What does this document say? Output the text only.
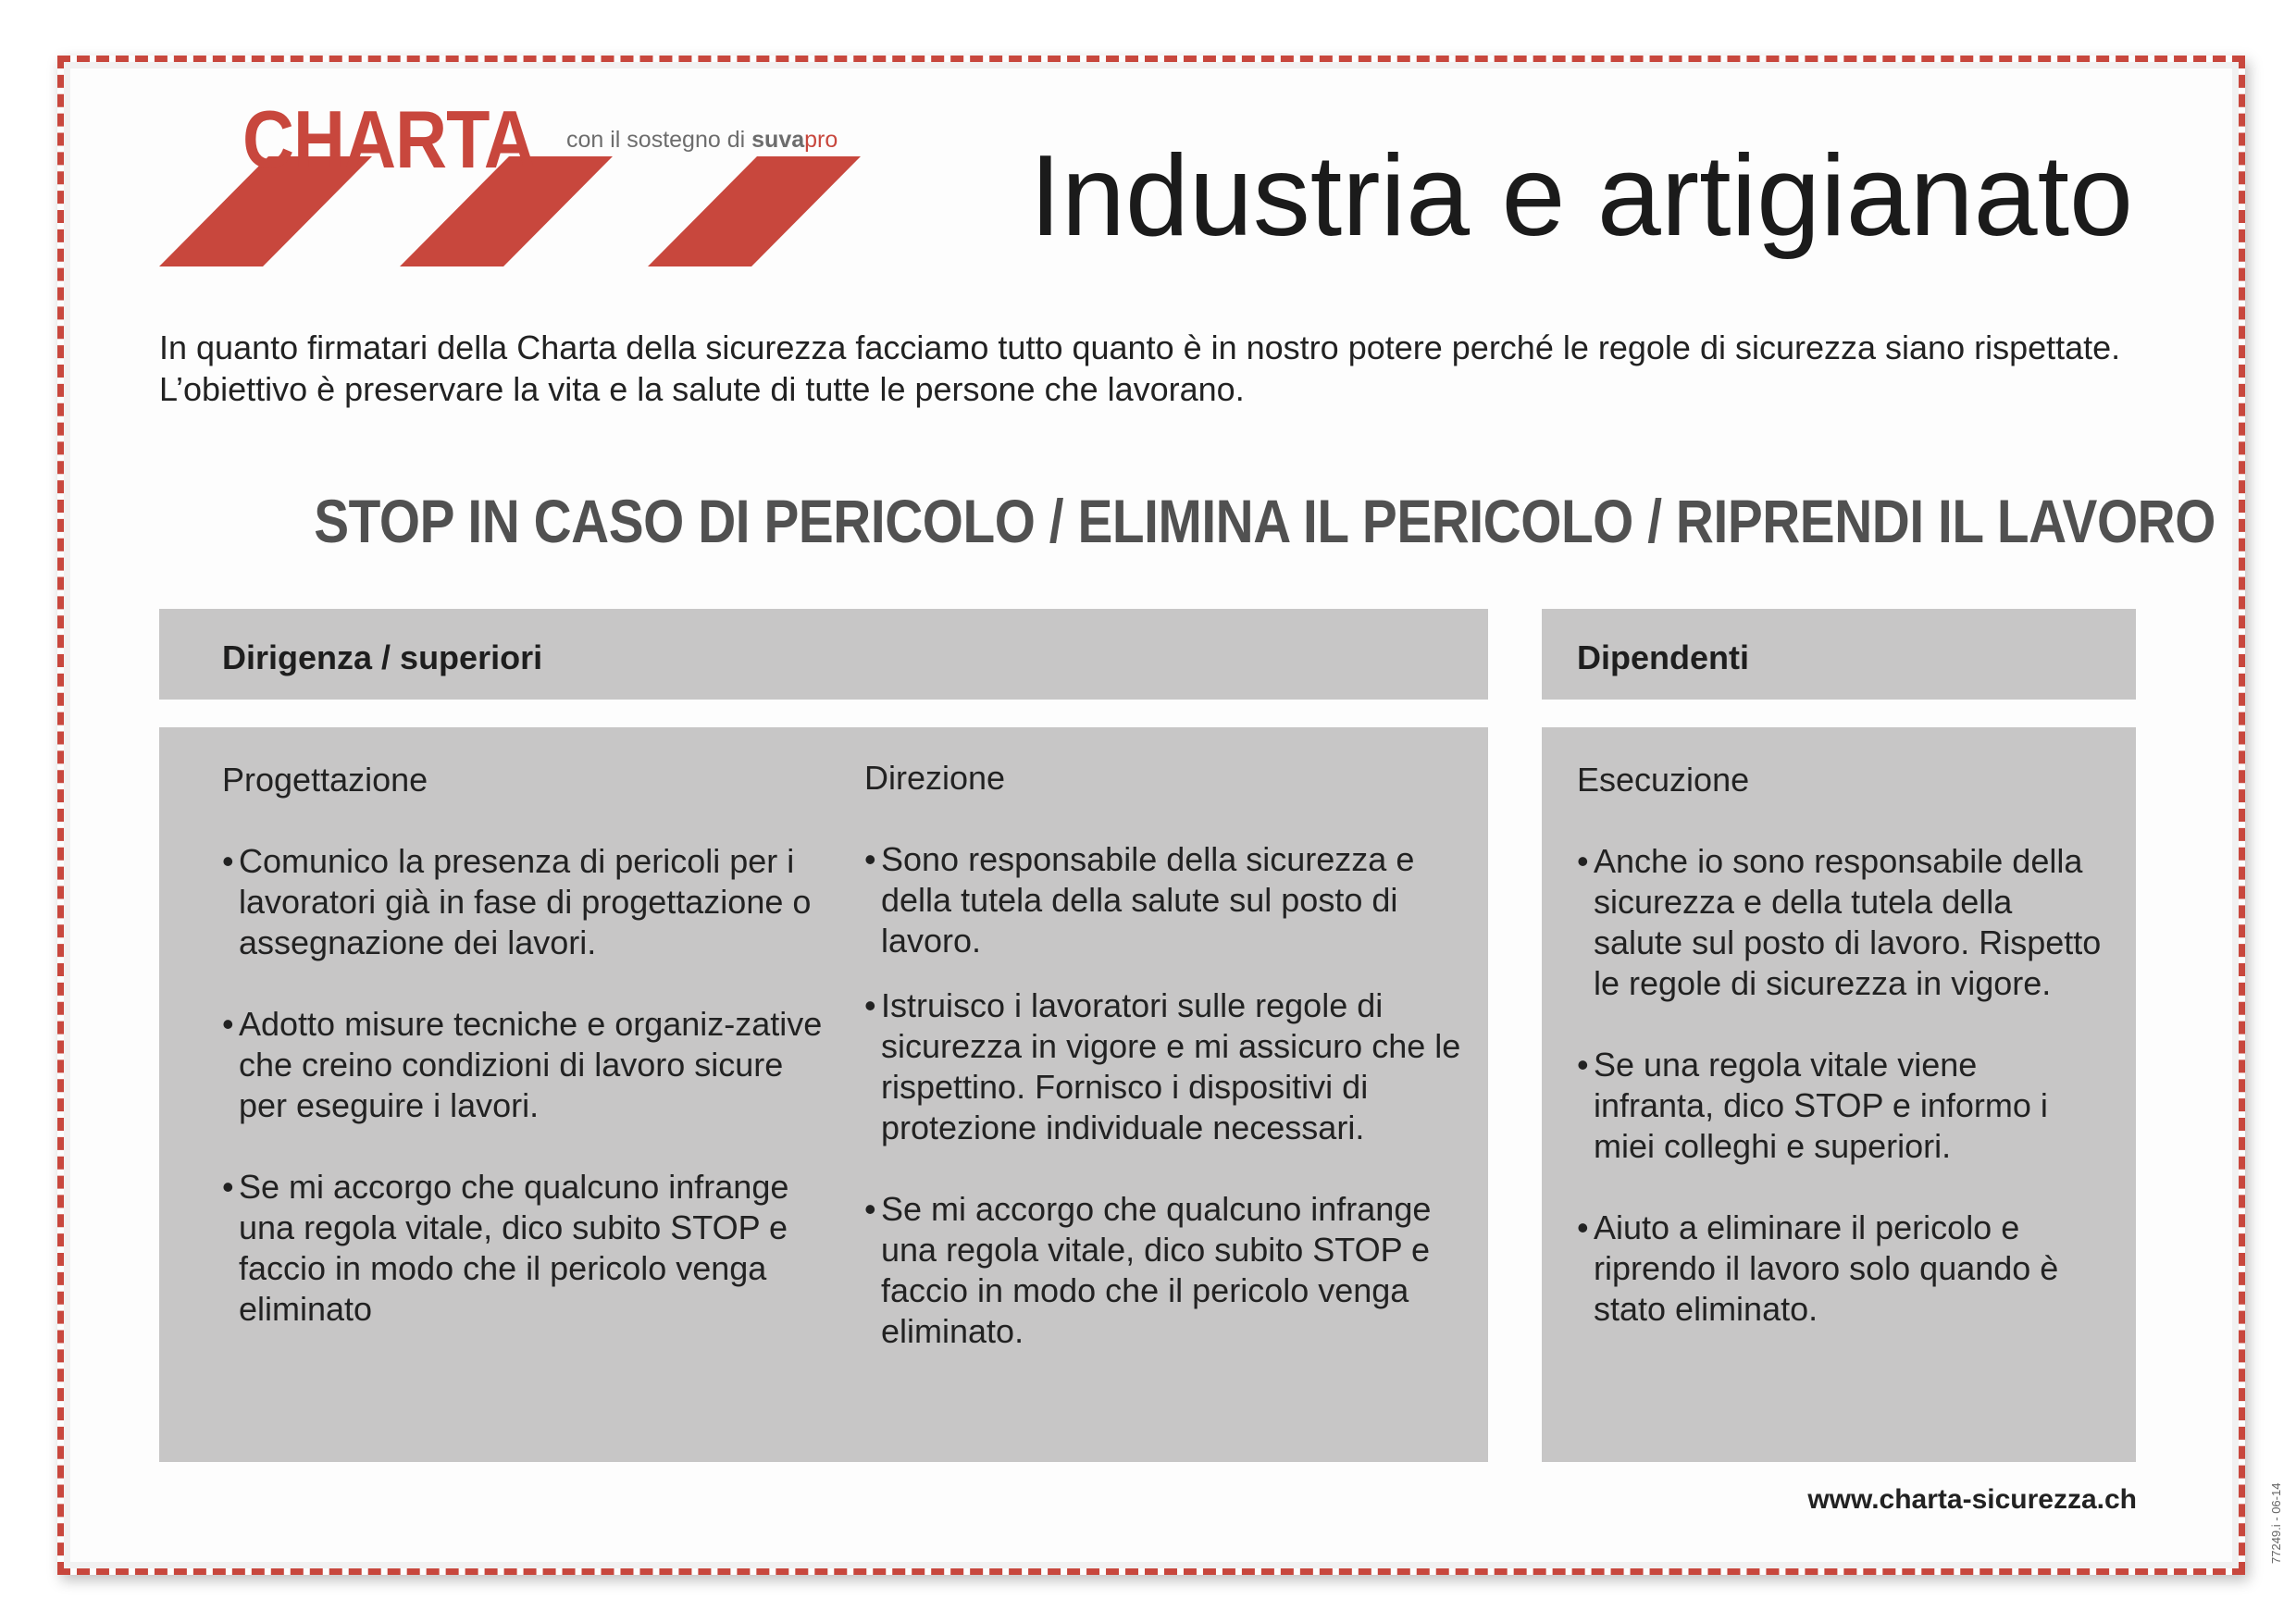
CHARTA con il sostegno di suvapro Industria e artigianato
In quanto firmatari della Charta della sicurezza facciamo tutto quanto è in nostro potere perché le regole di sicurezza siano rispettate. L’obiettivo è preservare la vita e la salute di tutte le persone che lavorano.
STOP IN CASO DI PERICOLO / ELIMINA IL PERICOLO / RIPRENDI IL LAVORO
Dirigenza / superiori	Dipendenti
Progettazione
• Comunico la presenza di pericoli per i lavoratori già in fase di progettazione o assegnazione dei lavori.
• Adotto misure tecniche e organiz-zative che creino condizioni di lavoro sicure per eseguire i lavori.
• Se mi accorgo che qualcuno infrange una regola vitale, dico subito STOP e faccio in modo che il pericolo venga eliminato
Direzione
• Sono responsabile della sicurezza e della tutela della salute sul posto di lavoro.
• Istruisco i lavoratori sulle regole di sicurezza in vigore e mi assicuro che le rispettino. Fornisco i dispositivi di protezione individuale necessari.
• Se mi accorgo che qualcuno infrange una regola vitale, dico subito STOP e faccio in modo che il pericolo venga eliminato.
Esecuzione
• Anche io sono responsabile della sicurezza e della tutela della salute sul posto di lavoro. Rispetto le regole di sicurezza in vigore.
• Se una regola vitale viene infranta, dico STOP e informo i miei colleghi e superiori.
• Aiuto a eliminare il pericolo e riprendo il lavoro solo quando è stato eliminato.
www.charta-sicurezza.ch	77249.i - 06-14
